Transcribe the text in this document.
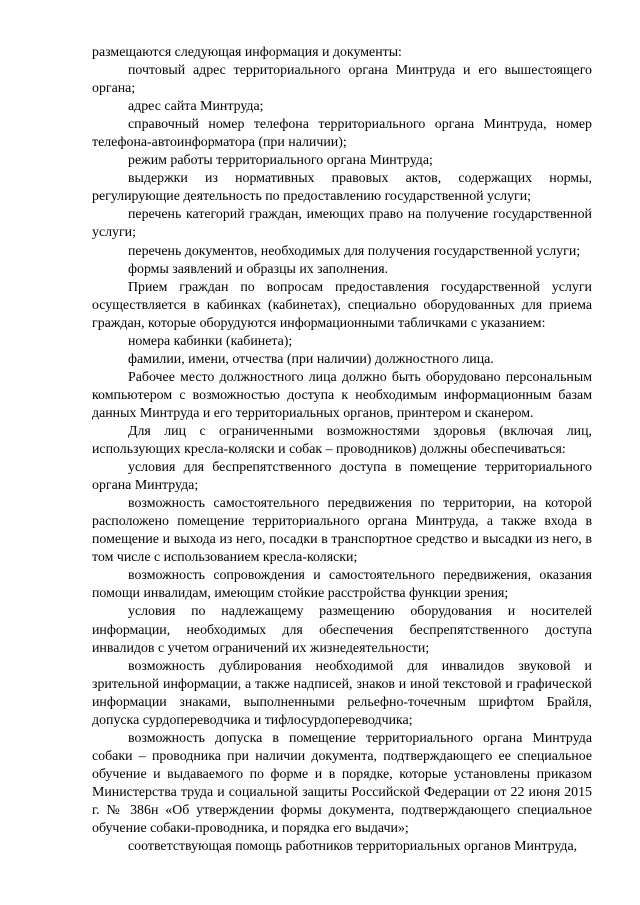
размещаются следующая информация и документы:

почтовый адрес территориального органа Минтруда и его вышестоящего органа;

адрес сайта Минтруда;

справочный номер телефона территориального органа Минтруда, номер телефона-автоинформатора (при наличии);

режим работы территориального органа Минтруда;

выдержки из нормативных правовых актов, содержащих нормы, регулирующие деятельность по предоставлению государственной услуги;

перечень категорий граждан, имеющих право на получение государственной услуги;

перечень документов, необходимых для получения государственной услуги;

формы заявлений и образцы их заполнения.

Прием граждан по вопросам предоставления государственной услуги осуществляется в кабинках (кабинетах), специально оборудованных для приема граждан, которые оборудуются информационными табличками с указанием:

номера кабинки (кабинета);

фамилии, имени, отчества (при наличии) должностного лица.

Рабочее место должностного лица должно быть оборудовано персональным компьютером с возможностью доступа к необходимым информационным базам данных Минтруда и его территориальных органов, принтером и сканером.

Для лиц с ограниченными возможностями здоровья (включая лиц, использующих кресла-коляски и собак – проводников) должны обеспечиваться:

условия для беспрепятственного доступа в помещение территориального органа Минтруда;

возможность самостоятельного передвижения по территории, на которой расположено помещение территориального органа Минтруда, а также входа в помещение и выхода из него, посадки в транспортное средство и высадки из него, в том числе с использованием кресла-коляски;

возможность сопровождения и самостоятельного передвижения, оказания помощи инвалидам, имеющим стойкие расстройства функции зрения;

условия по надлежащему размещению оборудования и носителей информации, необходимых для обеспечения беспрепятственного доступа инвалидов с учетом ограничений их жизнедеятельности;

возможность дублирования необходимой для инвалидов звуковой и зрительной информации, а также надписей, знаков и иной текстовой и графической информации знаками, выполненными рельефно-точечным шрифтом Брайля, допуска сурдопереводчика и тифлосурдопереводчика;

возможность допуска в помещение территориального органа Минтруда собаки – проводника при наличии документа, подтверждающего ее специальное обучение и выдаваемого по форме и в порядке, которые установлены приказом Министерства труда и социальной защиты Российской Федерации от 22 июня 2015 г. № 386н «Об утверждении формы документа, подтверждающего специальное обучение собаки-проводника, и порядка его выдачи»;

соответствующая помощь работников территориальных органов Минтруда,
